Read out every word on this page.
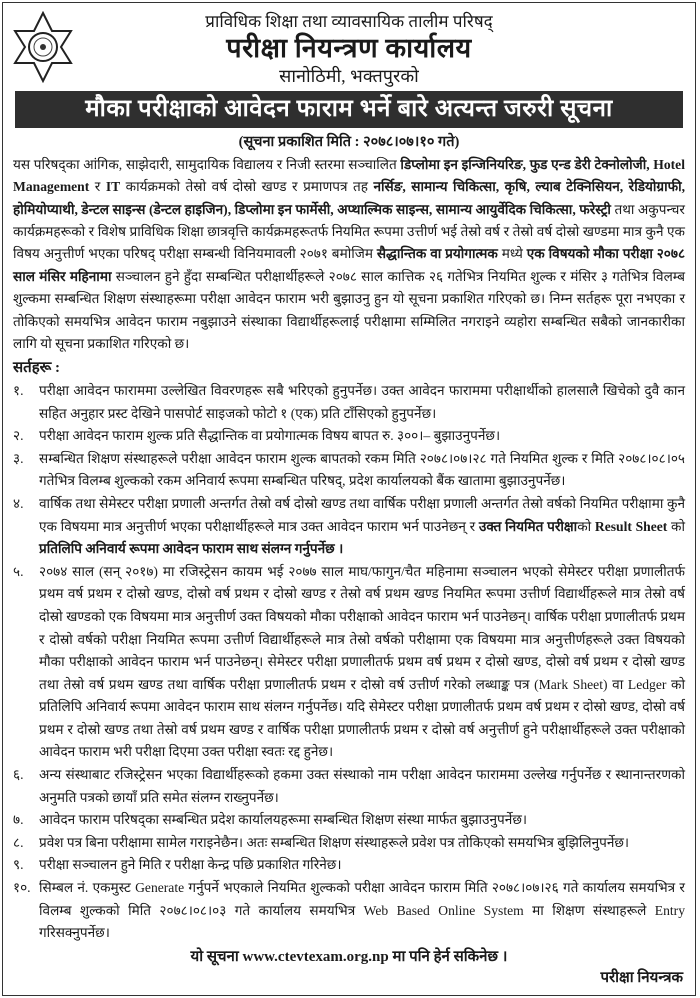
प्राविधिक शिक्षा तथा व्यावसायिक तालीम परिषद्
परीक्षा नियन्त्रण कार्यालय
सानोठिमी, भक्तपुरको
मौका परीक्षाको आवेदन फाराम भर्ने बारे अत्यन्त जरुरी सूचना
(सूचना प्रकाशित मिति : २०७८।०७।१० गते)
यस परिषद्का आंगिक, साझेदारी, सामुदायिक विद्यालय र निजी स्तरमा सञ्चालित डिप्लोमा इन इन्जिनियरिङ, फुड एन्ड डेरी टेक्नोलोजी, Hotel Management र IT कार्यक्रमको तेस्रो वर्ष दोस्रो खण्ड र प्रमाणपत्र तह नर्सिङ, सामान्य चिकित्सा, कृषि, ल्याब टेक्निसियन, रेडियोग्राफी, होमियोप्याथी, डेन्टल साइन्स (डेन्टल हाइजिन), डिप्लोमा इन फार्मेसी, अप्थाल्मिक साइन्स, सामान्य आयुर्वेदिक चिकित्सा, फरेस्ट्री तथा अकुपन्चर कार्यक्रमहरूको र विशेष प्राविधिक शिक्षा छात्रवृत्ति कार्यक्रमहरूतर्फ नियमित रूपमा उत्तीर्ण भई तेस्रो वर्ष र तेस्रो वर्ष दोस्रो खण्डमा मात्र कुनै एक विषय अनुत्तीर्ण भएका परिषद् परीक्षा सम्बन्धी विनियमावली २०७१ बमोजिम सैद्धान्तिक वा प्रयोगात्मक मध्ये एक विषयको मौका परीक्षा २०७८ साल मंसिर महिनामा सञ्चालन हुने हुँदा सम्बन्धित परीक्षार्थीहरूले २०७८ साल कात्तिक २६ गतेभित्र नियमित शुल्क र मंसिर ३ गतेभित्र विलम्ब शुल्कमा सम्बन्धित शिक्षण संस्थाहरूमा परीक्षा आवेदन फाराम भरी बुझाउनु हुन यो सूचना प्रकाशित गरिएको छ। निम्न सर्तहरू पूरा नभएका र तोकिएको समयभित्र आवेदन फाराम नबुझाउने संस्थाका विद्यार्थीहरूलाई परीक्षामा सम्मिलित नगराइने व्यहोरा सम्बन्धित सबैको जानकारीका लागि यो सूचना प्रकाशित गरिएको छ।
सर्तहरू :
१.	परीक्षा आवेदन फाराममा उल्लेखित विवरणहरू सबै भरिएको हुनुपर्नेछ। उक्त आवेदन फाराममा परीक्षार्थीको हालसालै खिचेको दुवै कान सहित अनुहार प्रस्ट देखिने पासपोर्ट साइजको फोटो १ (एक) प्रति टाँसिएको हुनुपर्नेछ।
२.	परीक्षा आवेदन फाराम शुल्क प्रति सैद्धान्तिक वा प्रयोगात्मक विषय बापत रु. ३००।– बुझाउनुपर्नेछ।
३.	सम्बन्धित शिक्षण संस्थाहरूले परीक्षा आवेदन फाराम शुल्क बापतको रकम मिति २०७८।०७।२८ गते नियमित शुल्क र मिति २०७८।०८।०५ गतेभित्र विलम्ब शुल्कको रकम अनिवार्य रूपमा सम्बन्धित परिषद्, प्रदेश कार्यालयको बैंक खातामा बुझाउनुपर्नेछ।
४.	वार्षिक तथा सेमेस्टर परीक्षा प्रणाली अन्तर्गत तेस्रो वर्ष दोस्रो खण्ड तथा वार्षिक परीक्षा प्रणाली अन्तर्गत तेस्रो वर्षको नियमित परीक्षामा कुनै एक विषयमा मात्र अनुत्तीर्ण भएका परीक्षार्थीहरूले मात्र उक्त आवेदन फाराम भर्न पाउनेछन् र उक्त नियमित परीक्षाको Result Sheet को प्रतिलिपि अनिवार्य रूपमा आवेदन फाराम साथ संलग्न गर्नुपर्नेछ ।
५.	२०७४ साल (सन् २०१७) मा रजिस्ट्रेसन कायम भई २०७७ साल माघ/फागुन/चैत महिनामा सञ्चालन भएको सेमेस्टर परीक्षा प्रणालीतर्फ प्रथम वर्ष प्रथम र दोस्रो खण्ड, दोस्रो वर्ष प्रथम र दोस्रो खण्ड र तेस्रो वर्ष प्रथम खण्ड नियमित रूपमा उत्तीर्ण विद्यार्थीहरूले मात्र तेस्रो वर्ष दोस्रो खण्डको एक विषयमा मात्र अनुत्तीर्ण उक्त विषयको मौका परीक्षाको आवेदन फाराम भर्न पाउनेछन्। वार्षिक परीक्षा प्रणालीतर्फ प्रथम र दोस्रो वर्षको परीक्षा नियमित रूपमा उत्तीर्ण विद्यार्थीहरूले मात्र तेस्रो वर्षको परीक्षामा एक विषयमा मात्र अनुत्तीर्णहरूले उक्त विषयको मौका परीक्षाको आवेदन फाराम भर्न पाउनेछन्। सेमेस्टर परीक्षा प्रणालीतर्फ प्रथम वर्ष प्रथम र दोस्रो खण्ड, दोस्रो वर्ष प्रथम र दोस्रो खण्ड तथा तेस्रो वर्ष प्रथम खण्ड तथा वार्षिक परीक्षा प्रणालीतर्फ प्रथम र दोस्रो वर्ष उत्तीर्ण गरेको लब्धाङ्क पत्र (Mark Sheet) वा Ledger को प्रतिलिपि अनिवार्य रूपमा आवेदन फाराम साथ संलग्न गर्नुपर्नेछ। यदि सेमेस्टर परीक्षा प्रणालीतर्फ प्रथम वर्ष प्रथम र दोस्रो खण्ड, दोस्रो वर्ष प्रथम र दोस्रो खण्ड तथा तेस्रो वर्ष प्रथम खण्ड र वार्षिक परीक्षा प्रणालीतर्फ प्रथम र दोस्रो वर्ष अनुत्तीर्ण हुने परीक्षार्थीहरूले उक्त परीक्षाको आवेदन फाराम भरी परीक्षा दिएमा उक्त परीक्षा स्वतः रद्द हुनेछ।
६.	अन्य संस्थाबाट रजिस्ट्रेसन भएका विद्यार्थीहरूको हकमा उक्त संस्थाको नाम परीक्षा आवेदन फाराममा उल्लेख गर्नुपर्नेछ र स्थानान्तरणको अनुमति पत्रको छायाँ प्रति समेत संलग्न राख्नुपर्नेछ।
७.	आवेदन फाराम परिषद्का सम्बन्धित प्रदेश कार्यालयहरूमा सम्बन्धित शिक्षण संस्था मार्फत बुझाउनुपर्नेछ।
८.	प्रवेश पत्र बिना परीक्षामा सामेल गराइनेछैन। अतः सम्बन्धित शिक्षण संस्थाहरूले प्रवेश पत्र तोकिएको समयभित्र बुझिलिनुपर्नेछ।
९.	परीक्षा सञ्चालन हुने मिति र परीक्षा केन्द्र पछि प्रकाशित गरिनेछ।
१०. सिम्बल नं. एकमुस्ट Generate गर्नुपर्ने भएकाले नियमित शुल्कको परीक्षा आवेदन फाराम मिति २०७८।०७।२६ गते कार्यालय समयभित्र र विलम्ब शुल्कको मिति २०७८।०८।०३ गते कार्यालय समयभित्र Web Based Online System मा शिक्षण संस्थाहरूले Entry गरिसक्नुपर्नेछ।
यो सूचना www.ctevtexam.org.np मा पनि हेर्न सकिनेछ ।
परीक्षा नियन्त्रक
